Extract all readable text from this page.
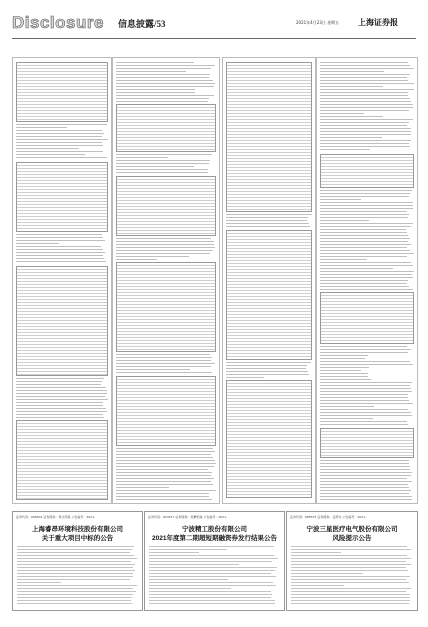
Disclosure 信息披露/53	2021年4月23日 星期五 上海证券报
证券代码：688501 证券简称：青达环保 公告编号：2021-
上海睿昂环境科技股份有限公司
关于重大项目中标的公告
证券代码：603677 证券简称：奇精机械 公告编号：2021-
宁波精工股份有限公司
2021年度第二期超短期融资券发行结果公告
证券代码：688575 证券简称：亚辉龙 公告编号：2021-
宁波三星医疗电气股份有限公司
风险提示公告
